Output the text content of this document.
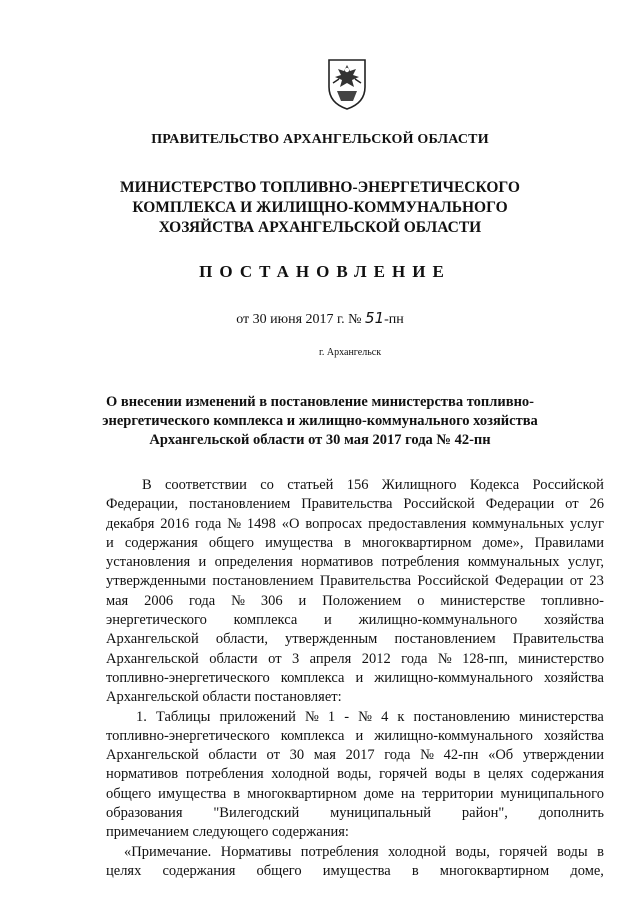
ПРАВИТЕЛЬСТВО АРХАНГЕЛЬСКОЙ ОБЛАСТИ
МИНИСТЕРСТВО ТОПЛИВНО-ЭНЕРГЕТИЧЕСКОГО
КОМПЛЕКСА И ЖИЛИЩНО-КОММУНАЛЬНОГО
ХОЗЯЙСТВА АРХАНГЕЛЬСКОЙ ОБЛАСТИ
ПОСТАНОВЛЕНИЕ
от 30 июня 2017 г. № 51-пн
г. Архангельск
О внесении изменений в постановление министерства топливно-
энергетического комплекса и жилищно-коммунального хозяйства
Архангельской области от 30 мая 2017 года № 42-пн
В соответствии со статьей 156 Жилищного Кодекса Российской
Федерации, постановлением Правительства Российской Федерации от 26
декабря 2016 года № 1498 «О вопросах предоставления коммунальных услуг
и содержания общего имущества в многоквартирном доме», Правилами
установления и определения нормативов потребления коммунальных услуг,
утвержденными постановлением Правительства Российской Федерации от 23
мая 2006 года № 306 и Положением о министерстве топливно-
энергетического комплекса и жилищно-коммунального хозяйства
Архангельской области, утвержденным постановлением Правительства
Архангельской области от 3 апреля 2012 года № 128-пп, министерство
топливно-энергетического комплекса и жилищно-коммунального хозяйства
Архангельской области постановляет:
1. Таблицы приложений № 1 - № 4 к постановлению министерства
топливно-энергетического комплекса и жилищно-коммунального хозяйства
Архангельской области от 30 мая 2017 года № 42-пн «Об утверждении
нормативов потребления холодной воды, горячей воды в целях содержания
общего имущества в многоквартирном доме на территории муниципального
образования "Вилегодский муниципальный район", дополнить
примечанием следующего содержания:
«Примечание. Нормативы потребления холодной воды, горячей воды в
целях содержания общего имущества в многоквартирном доме,
